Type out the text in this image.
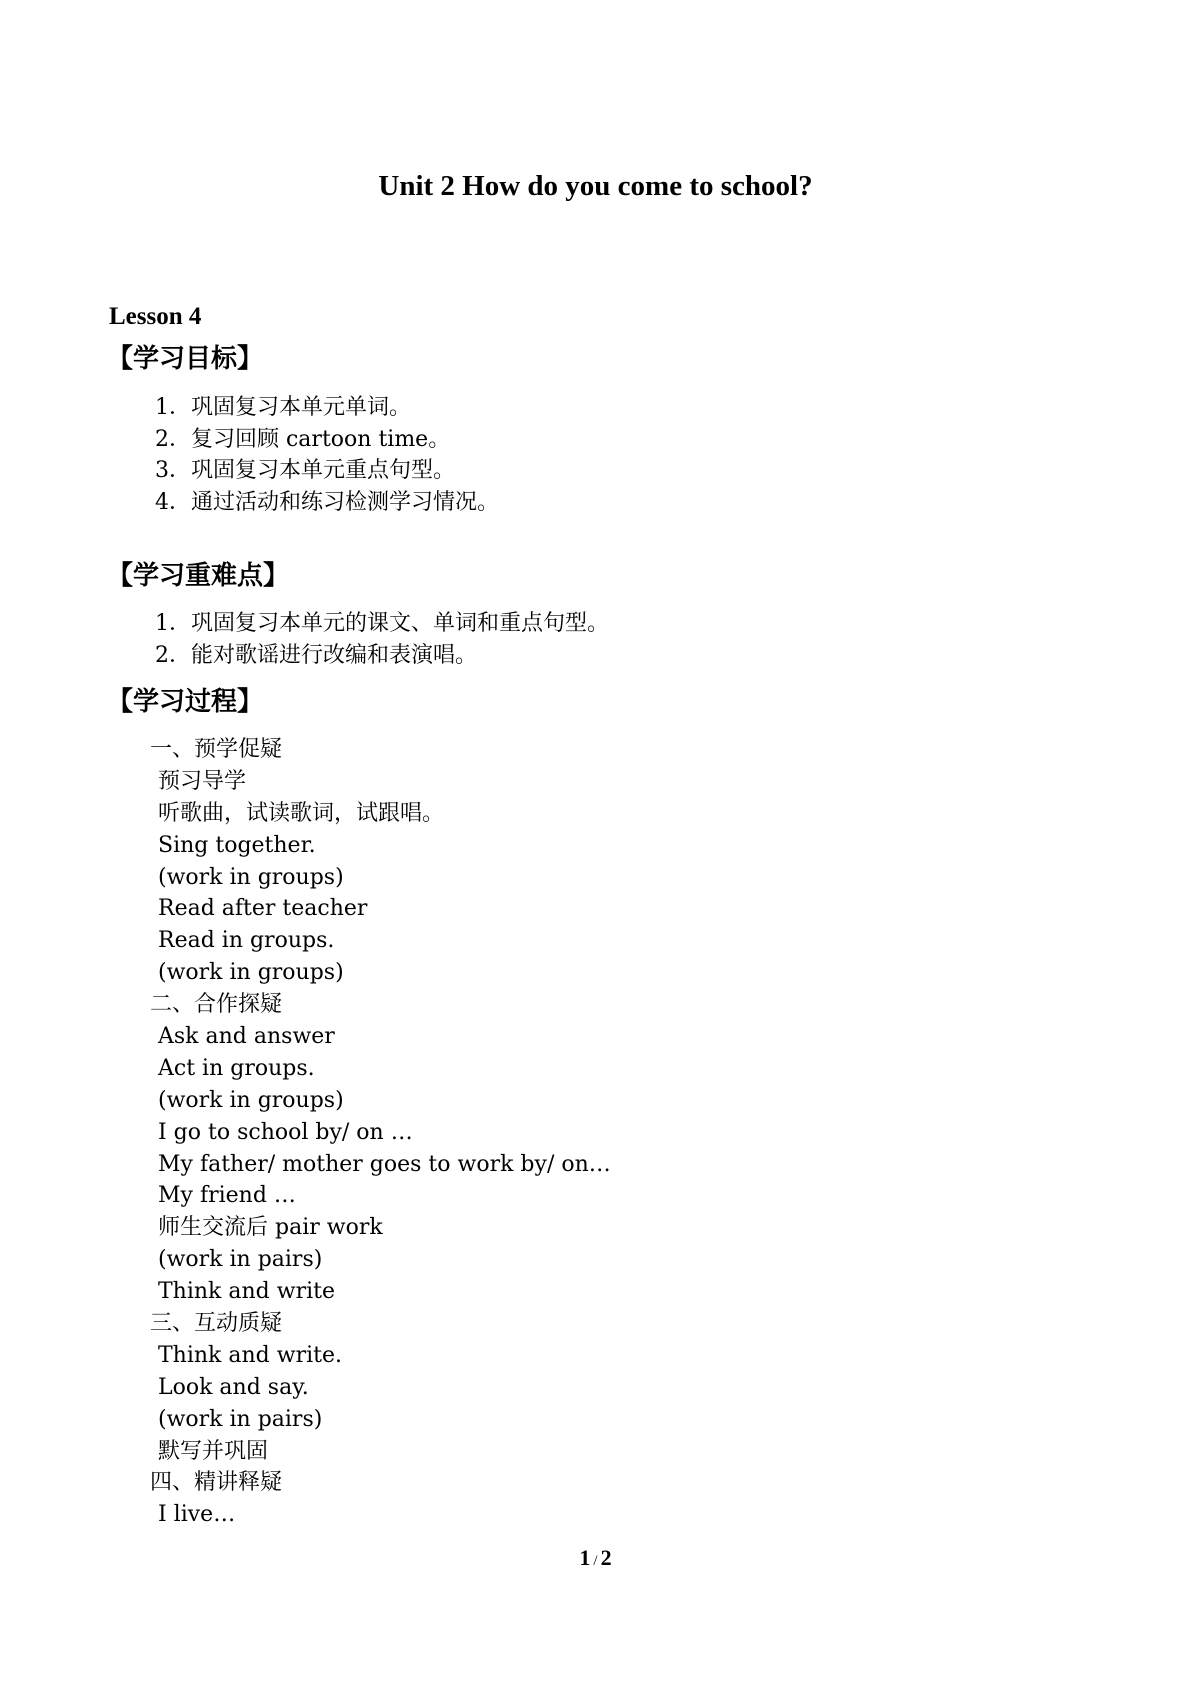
Unit 2 How do you come to school?
Lesson 4
【学习目标】
1．巩固复习本单元单词。
2．复习回顾 cartoon time。
3．巩固复习本单元重点句型。
4．通过活动和练习检测学习情况。
【学习重难点】
1．巩固复习本单元的课文、单词和重点句型。
2．能对歌谣进行改编和表演唱。
【学习过程】
一、预学促疑
预习导学
听歌曲，试读歌词，试跟唱。
Sing together.
(work in groups)
Read after teacher
Read in groups.
(work in groups)
二、合作探疑
Ask and answer
Act in groups.
(work in groups)
I go to school by/ on …
My father/ mother goes to work by/ on…
My friend …
师生交流后 pair work
(work in pairs)
Think and write
三、互动质疑
Think and write.
Look and say.
(work in pairs)
默写并巩固
四、精讲释疑
I live…
1 / 2
